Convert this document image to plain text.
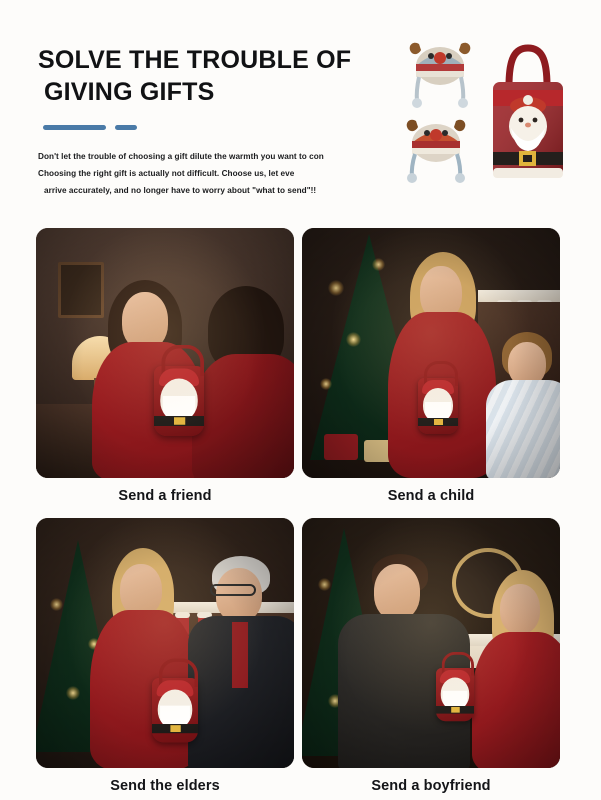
SOLVE THE TROUBLE OF
GIVING GIFTS

Don't let the trouble of choosing a gift dilute the warmth you want to con

Choosing the right gift is actually not difficult. Choose us, let eve

arrive accurately, and no longer have to worry about "what to send"!!

Send a friend	Send a child
Send the elders	Send a boyfriend
